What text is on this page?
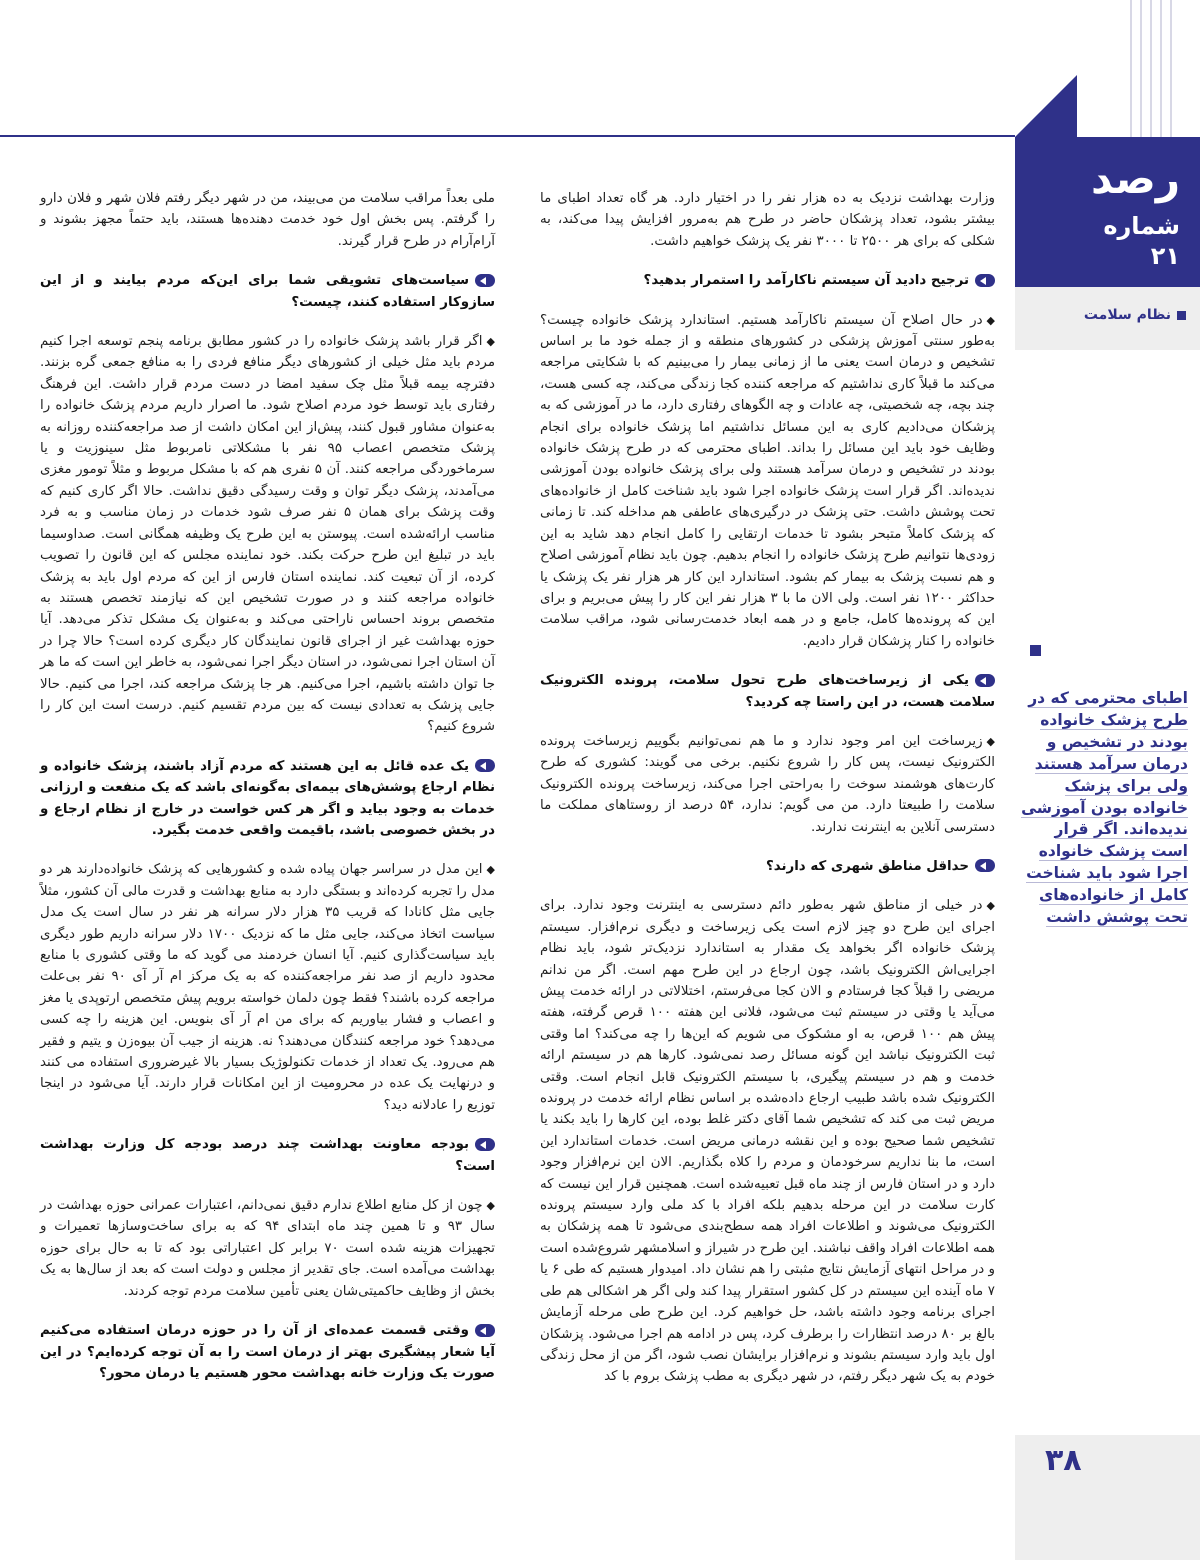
رصد
شماره ۲۱
نظام سلامت
اطبای محترمی که در طرح پزشک خانواده بودند در تشخیص و درمان سرآمد هستند ولی برای پزشک خانواده بودن آموزشی ندیده‌اند. اگر قرار است پزشک خانواده اجرا شود باید شناخت کامل از خانواده‌های تحت پوشش داشت
۳۸

وزارت بهداشت نزدیک به ده هزار نفر را در اختیار دارد. هر گاه تعداد اطبای ما بیشتر بشود، تعداد پزشکان حاضر در طرح هم به‌مرور افزایش پیدا می‌کند، به شکلی که برای هر ۲۵۰۰ تا ۳۰۰۰ نفر یک پزشک خواهیم داشت.

ترجیح دادید آن سیستم ناکارآمد را استمرار بدهید؟

◆در حال اصلاح آن سیستم ناکارآمد هستیم. استاندارد پزشک خانواده چیست؟ به‌طور سنتی آموزش پزشکی در کشورهای منطقه و از جمله خود ما بر اساس تشخیص و درمان است یعنی ما از زمانی بیمار را می‌بینیم که با شکایتی مراجعه می‌کند ما قبلاً کاری نداشتیم که مراجعه کننده کجا زندگی می‌کند، چه کسی هست، چند بچه، چه شخصیتی، چه عادات و چه الگوهای رفتاری دارد، ما در آموزشی که به پزشکان می‌دادیم کاری به این مسائل نداشتیم اما پزشک خانواده برای انجام وظایف خود باید این مسائل را بداند. اطبای محترمی که در طرح پزشک خانواده بودند در تشخیص و درمان سرآمد هستند ولی برای پزشک خانواده بودن آموزشی ندیده‌اند. اگر قرار است پزشک خانواده اجرا شود باید شناخت کامل از خانواده‌های تحت پوشش داشت. حتی پزشک در درگیری‌های عاطفی هم مداخله کند. تا زمانی که پزشک کاملاً متبحر بشود تا خدمات ارتقایی را کامل انجام دهد شاید به این زودی‌ها نتوانیم طرح پزشک خانواده را انجام بدهیم. چون باید نظام آموزشی اصلاح و هم نسبت پزشک به بیمار کم بشود. استاندارد این کار هر هزار نفر یک پزشک یا حداکثر ۱۲۰۰ نفر است. ولی الان ما با ۳ هزار نفر این کار را پیش می‌بریم و برای این که پرونده‌ها کامل، جامع و در همه ابعاد خدمت‌رسانی شود، مراقب سلامت خانواده را کنار پزشکان قرار دادیم.

یکی از زیرساخت‌های طرح تحول سلامت، پرونده الکترونیک سلامت هست، در این راستا چه کردید؟

◆زیرساخت این امر وجود ندارد و ما هم نمی‌توانیم بگوییم زیرساخت پرونده الکترونیک نیست، پس کار را شروع نکنیم. برخی می گویند: کشوری که طرح کارت‌های هوشمند سوخت را به‌راحتی اجرا می‌کند، زیرساخت پرونده الکترونیک سلامت را طبیعتا دارد. من می گویم: ندارد، ۵۴ درصد از روستاهای مملکت ما دسترسی آنلاین به اینترنت ندارند.

حداقل مناطق شهری که دارند؟

◆در خیلی از مناطق شهر به‌طور دائم دسترسی به اینترنت وجود ندارد. برای اجرای این طرح دو چیز لازم است یکی زیرساخت و دیگری نرم‌افزار. سیستم پزشک خانواده اگر بخواهد یک مقدار به استاندارد نزدیک‌تر شود، باید نظام اجرایی‌اش الکترونیک باشد، چون ارجاع در این طرح مهم است. اگر من ندانم مریضی را قبلاً کجا فرستادم و الان کجا می‌فرستم، اختلالاتی در ارائه خدمت پیش می‌آید یا وقتی در سیستم ثبت می‌شود، فلانی این هفته ۱۰۰ قرص گرفته، هفته پیش هم ۱۰۰ قرص، به او مشکوک می شویم که این‌ها را چه می‌کند؟ اما وقتی ثبت الکترونیک نباشد این گونه مسائل رصد نمی‌شود. کارها هم در سیستم ارائه خدمت و هم در سیستم پیگیری، با سیستم الکترونیک قابل انجام است. وقتی الکترونیک شده باشد طبیب ارجاع داده‌شده بر اساس نظام ارائه خدمت در پرونده مریض ثبت می کند که تشخیص شما آقای دکتر غلط بوده، این کارها را باید بکند یا تشخیص شما صحیح بوده و این نقشه درمانی مریض است. خدمات استاندارد این است، ما بنا نداریم سرخودمان و مردم را کلاه بگذاریم. الان این نرم‌افزار وجود دارد و در استان فارس از چند ماه قبل تعبیه‌شده است. همچنین قرار این نیست که کارت سلامت در این مرحله بدهیم بلکه افراد با کد ملی وارد سیستم پرونده الکترونیک می‌شوند و اطلاعات افراد همه سطح‌بندی می‌شود تا همه پزشکان به همه اطلاعات افراد واقف نباشند. این طرح در شیراز و اسلامشهر شروع‌شده است و در مراحل انتهای آزمایش نتایج مثبتی را هم نشان داد. امیدوار هستیم که طی ۶ یا ۷ ماه آینده این سیستم در کل کشور استقرار پیدا کند ولی اگر هر اشکالی هم طی اجرای برنامه وجود داشته باشد، حل خواهیم کرد. این طرح طی مرحله آزمایش بالغ بر ۸۰ درصد انتظارات را برطرف کرد، پس در ادامه هم اجرا می‌شود. پزشکان اول باید وارد سیستم بشوند و نرم‌افزار برایشان نصب شود، اگر من از محل زندگی خودم به یک شهر دیگر رفتم، در شهر دیگری به مطب پزشک بروم با کد

ملی بعداً مراقب سلامت من می‌بیند، من در شهر دیگر رفتم فلان شهر و فلان دارو را گرفتم. پس بخش اول خود خدمت دهنده‌ها هستند، باید حتماً مجهز بشوند و آرام‌آرام در طرح قرار گیرند.

سیاست‌های تشویقی شما برای این‌که مردم بیایند و از این سازوکار استفاده کنند، چیست؟

◆اگر قرار باشد پزشک خانواده را در کشور مطابق برنامه پنجم توسعه اجرا کنیم مردم باید مثل خیلی از کشورهای دیگر منافع فردی را به منافع جمعی گره بزنند. دفترچه بیمه قبلاً مثل چک سفید امضا در دست مردم قرار داشت. این فرهنگ رفتاری باید توسط خود مردم اصلاح شود. ما اصرار داریم مردم پزشک خانواده را به‌عنوان مشاور قبول کنند، پیش‌از این امکان داشت از صد مراجعه‌کننده روزانه به پزشک متخصص اعصاب ۹۵ نفر با مشکلاتی نامربوط مثل سینوزیت و یا سرماخوردگی مراجعه کنند. آن ۵ نفری هم که با مشکل مربوط و مثلاً تومور مغزی می‌آمدند، پزشک دیگر توان و وقت رسیدگی دقیق نداشت. حالا اگر کاری کنیم که وقت پزشک برای همان ۵ نفر صرف شود خدمات در زمان مناسب و به فرد مناسب ارائه‌شده است. پیوستن به این طرح یک وظیفه همگانی است. صداوسیما باید در تبلیغ این طرح حرکت بکند. خود نماینده مجلس که این قانون را تصویب کرده، از آن تبعیت کند. نماینده استان فارس از این که مردم اول باید به پزشک خانواده مراجعه کنند و در صورت تشخیص این که نیازمند تخصص هستند به متخصص بروند احساس ناراحتی می‌کند و به‌عنوان یک مشکل تذکر می‌دهد. آیا حوزه بهداشت غیر از اجرای قانون نمایندگان کار دیگری کرده است؟ حالا چرا در آن استان اجرا نمی‌شود، در استان دیگر اجرا نمی‌شود، به خاطر این است که ما هر جا توان داشته باشیم، اجرا می‌کنیم. هر جا پزشک مراجعه کند، اجرا می کنیم. حالا جایی پزشک به تعدادی نیست که بین مردم تقسیم کنیم. درست است این کار را شروع کنیم؟

یک عده قائل به این هستند که مردم آزاد باشند، پزشک خانواده و نظام ارجاع پوشش‌های بیمه‌ای به‌گونه‌ای باشد که یک منفعت و ارزانی خدمات به وجود بیاید و اگر هر کس خواست در خارج از نظام ارجاع و در بخش خصوصی باشد، باقیمت واقعی خدمت بگیرد.

◆این مدل در سراسر جهان پیاده شده و کشورهایی که پزشک خانواده‌دارند هر دو مدل را تجربه کرده‌اند و بستگی دارد به منابع بهداشت و قدرت مالی آن کشور، مثلاً جایی مثل کانادا که قریب ۳۵ هزار دلار سرانه هر نفر در سال است یک مدل سیاست اتخاذ می‌کند، جایی مثل ما که نزدیک ۱۷۰۰ دلار سرانه داریم طور دیگری باید سیاست‌گذاری کنیم. آیا انسان خردمند می گوید که ما وقتی کشوری با منابع محدود داریم از صد نفر مراجعه‌کننده که به یک مرکز ام آر آی ۹۰ نفر بی‌علت مراجعه کرده باشند؟ فقط چون دلمان خواسته برویم پیش متخصص ارتوپدی یا مغز و اعصاب و فشار بیاوریم که برای من ام آر آی بنویس. این هزینه را چه کسی می‌دهد؟ خود مراجعه کنندگان می‌دهند؟ نه. هزینه از جیب آن بیوه‌زن و یتیم و فقیر هم می‌رود. یک تعداد از خدمات تکنولوژیک بسیار بالا غیرضروری استفاده می کنند و درنهایت یک عده در محرومیت از این امکانات قرار دارند. آیا می‌شود در اینجا توزیع را عادلانه دید؟

بودجه معاونت بهداشت چند درصد بودجه کل وزارت بهداشت است؟

◆چون از کل منابع اطلاع ندارم دقیق نمی‌دانم، اعتبارات عمرانی حوزه بهداشت در سال ۹۳ و تا همین چند ماه ابتدای ۹۴ که به برای ساخت‌وسازها تعمیرات و تجهیزات هزینه شده است ۷۰ برابر کل اعتباراتی بود که تا به حال برای حوزه بهداشت می‌آمده است. جای تقدیر از مجلس و دولت است که بعد از سال‌ها به یک بخش از وظایف حاکمیتی‌شان یعنی تأمین سلامت مردم توجه کردند.

وقتی قسمت عمده‌ای از آن را در حوزه درمان استفاده می‌کنیم آیا شعار پیشگیری بهتر از درمان است را به آن توجه کرده‌ایم؟ در این صورت یک وزارت خانه بهداشت محور هستیم یا درمان محور؟
